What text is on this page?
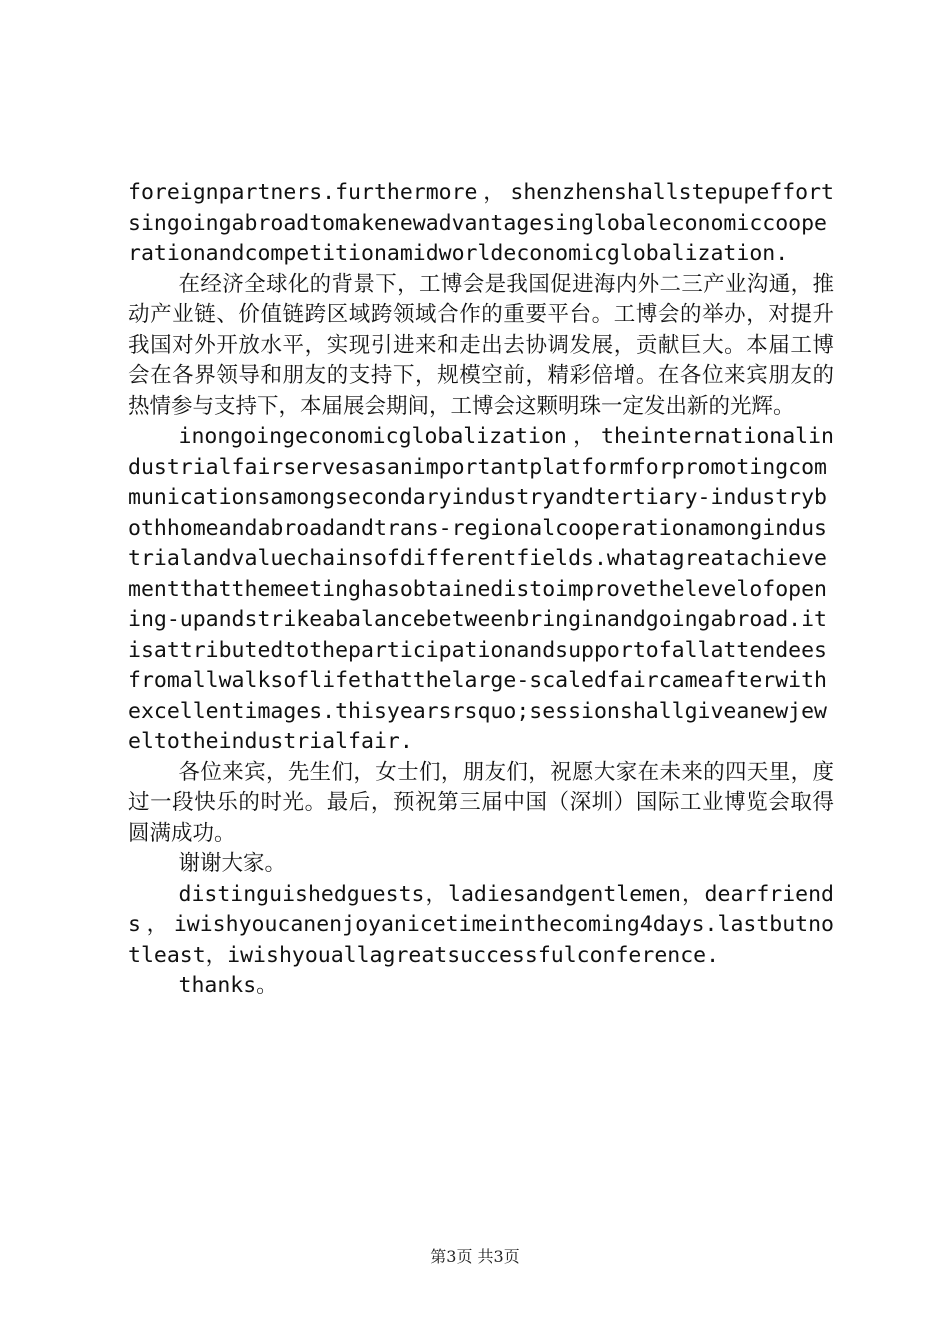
foreignpartners.furthermore，shenzhenshallstepupeffortsingoingabroadtomakenewadvantagesinglobaleconomiccooperationandcompetitionamidworldeconomicglobalization.

在经济全球化的背景下，工博会是我国促进海内外二三产业沟通，推动产业链、价值链跨区域跨领域合作的重要平台。工博会的举办，对提升我国对外开放水平，实现引进来和走出去协调发展，贡献巨大。本届工博会在各界领导和朋友的支持下，规模空前，精彩倍增。在各位来宾朋友的热情参与支持下，本届展会期间，工博会这颗明珠一定发出新的光辉。

inongoingeconomicglobalization，theinternationalindustrialfairservesasanimportantplatformforpromotingcommunicationsamongsecondaryindustryandtertiary-industrybothhomeandabroadandtrans-regionalcooperationamongindustrialandvaluechainsofdifferentfields.whatagreatachievementthatthemeetinghasobtainedistoimprovethelevelofopening-upandstrikeabalancebetweenbringinandgoingabroad.itisattributedtotheparticipationandsupportofallattendeesfromallwalksoflifethatthelarge-scaledfaircameafterwithexcellentimages.thisyearsrsquo;sessionshallgiveanewjeweltotheindustrialfair.

各位来宾，先生们，女士们，朋友们，祝愿大家在未来的四天里，度过一段快乐的时光。最后，预祝第三届中国（深圳）国际工业博览会取得圆满成功。

谢谢大家。

distinguishedguests，ladiesandgentlemen，dearfriends，iwishyoucanenjoyanicetimeinthecoming4days.lastbutnotleast，iwishyouallagreatsuccessfulconference.

thanks。

第3页 共3页
